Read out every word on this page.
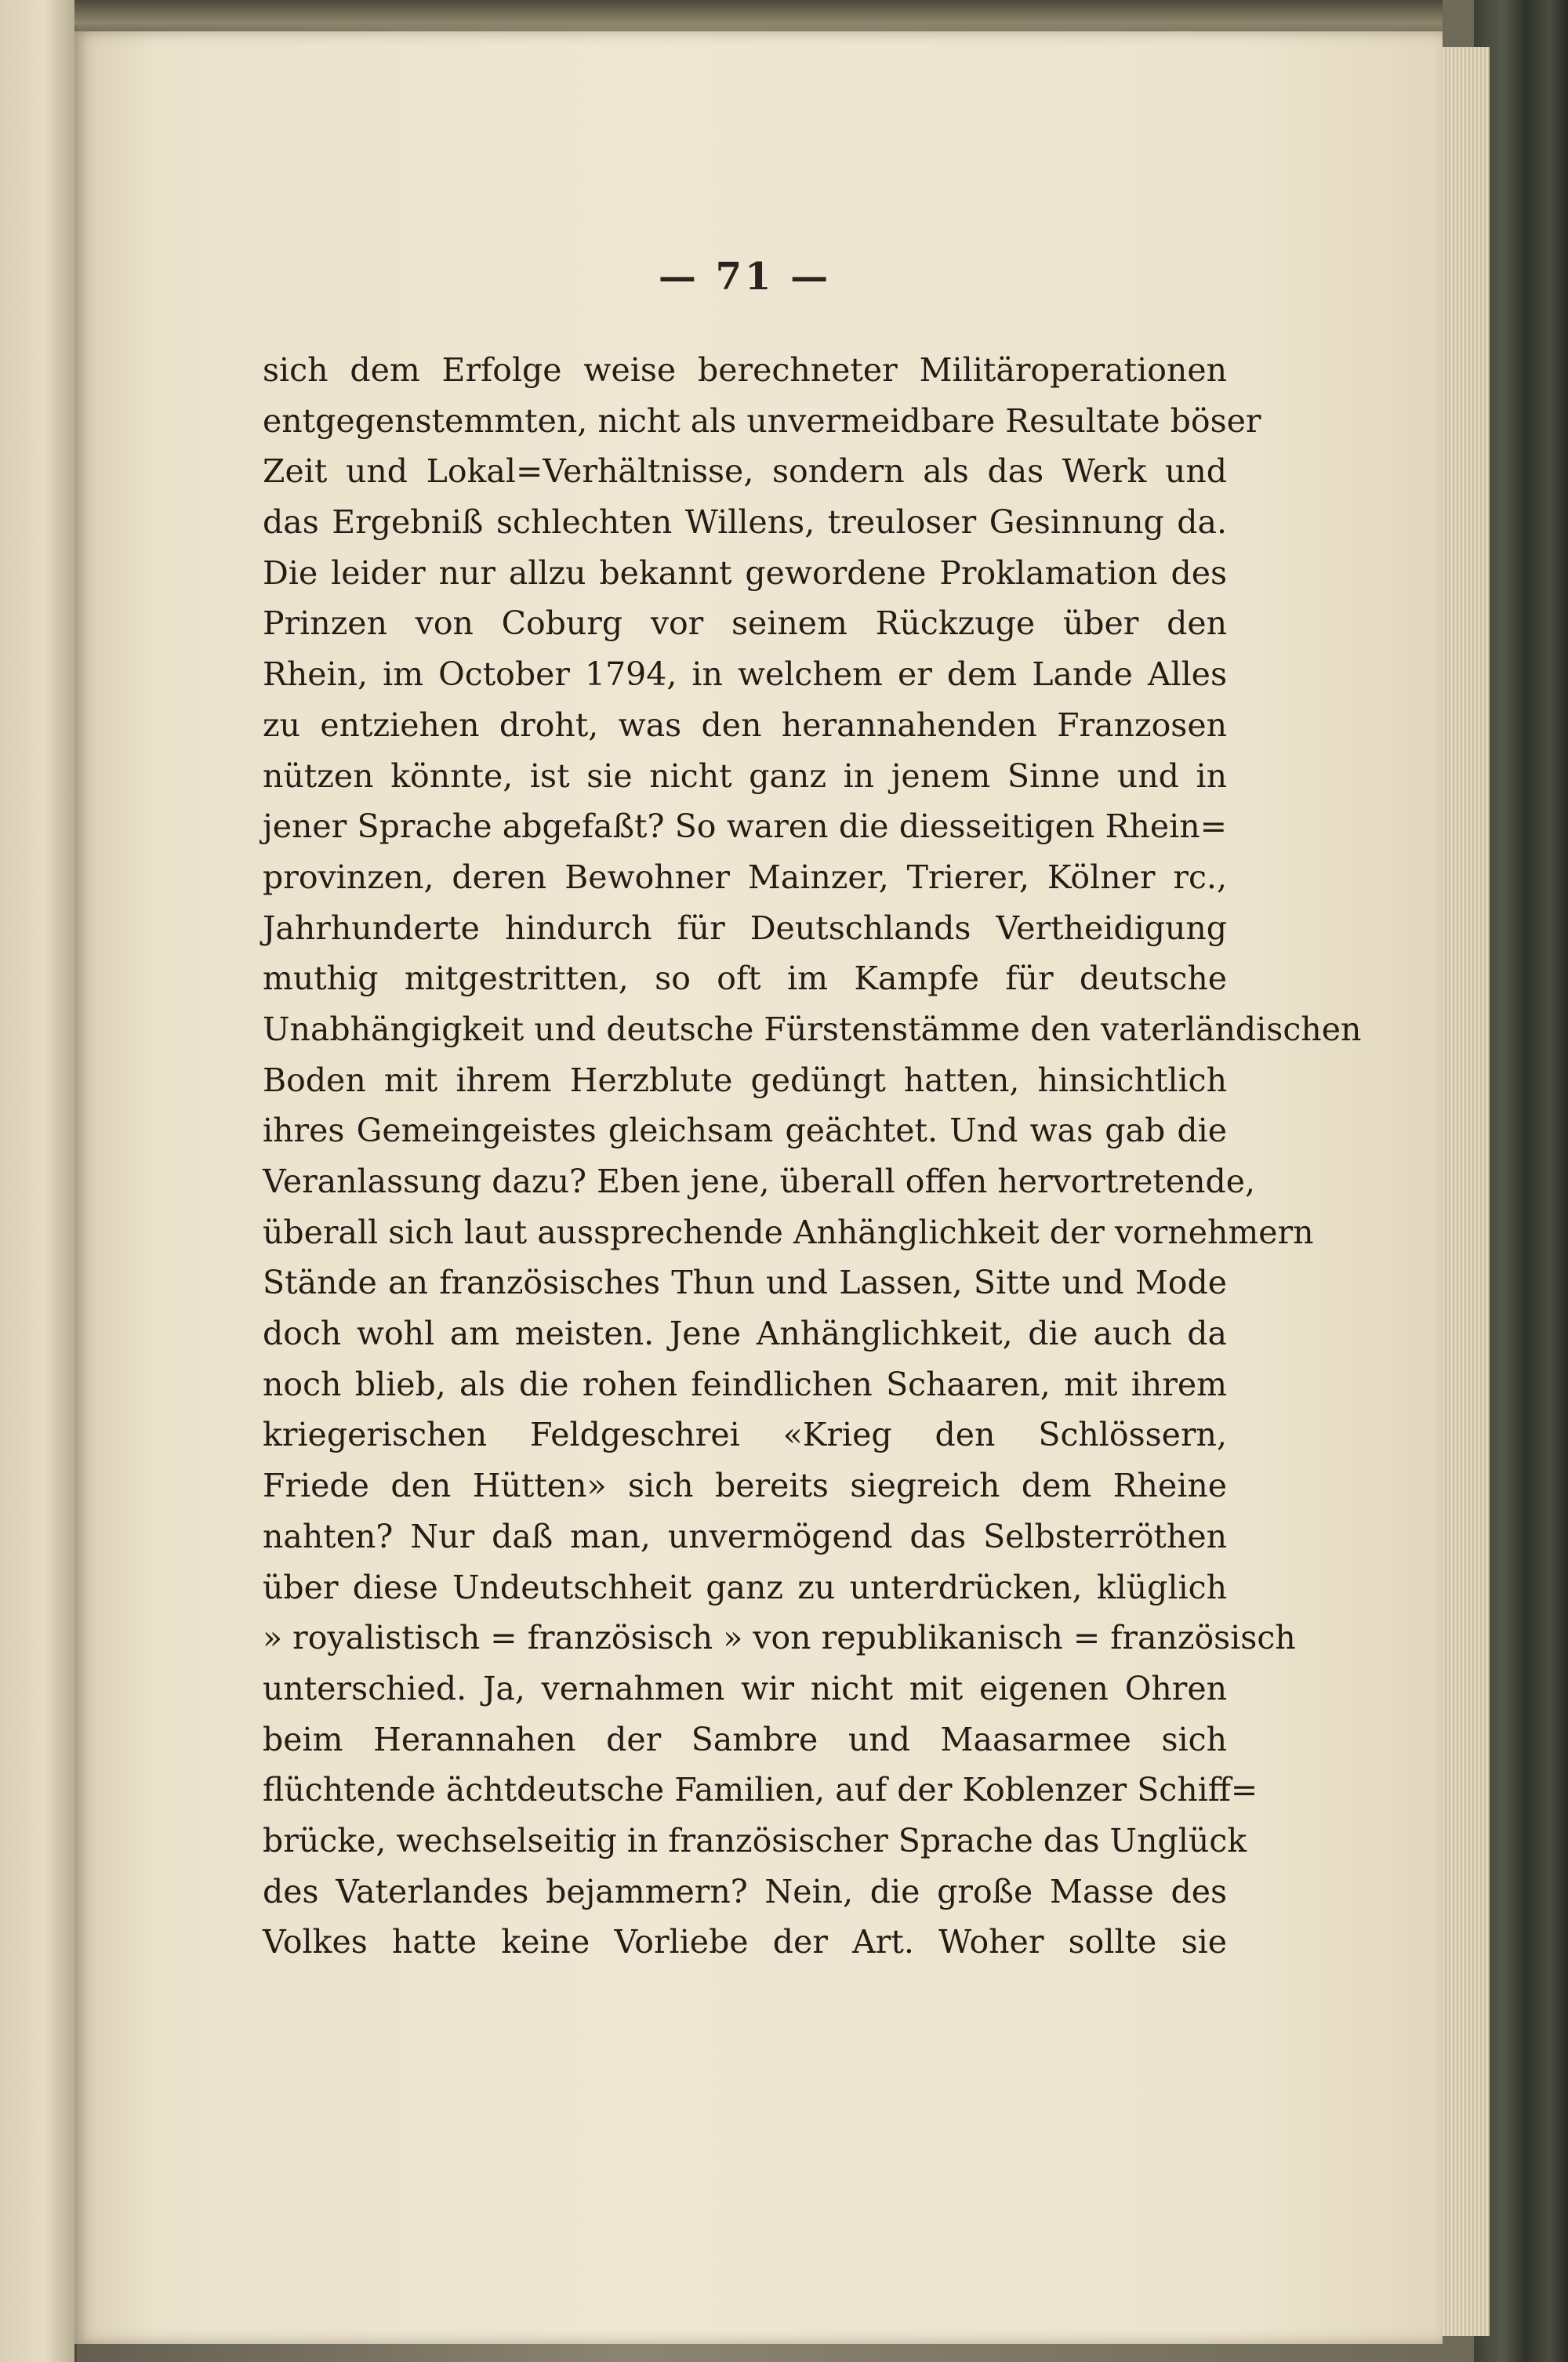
— 71 —
sich dem Erfolge weise berechneter Militäroperationen
entgegenstemmten, nicht als unvermeidbare Resultate böser
Zeit und Lokal=Verhältnisse, sondern als das Werk und
das Ergebniß schlechten Willens, treuloser Gesinnung da.
Die leider nur allzu bekannt gewordene Proklamation des
Prinzen von Coburg vor seinem Rückzuge über den
Rhein, im October 1794, in welchem er dem Lande Alles
zu entziehen droht, was den herannahenden Franzosen
nützen könnte, ist sie nicht ganz in jenem Sinne und in
jener Sprache abgefaßt? So waren die diesseitigen Rhein=
provinzen, deren Bewohner Mainzer, Trierer, Kölner rc.,
Jahrhunderte hindurch für Deutschlands Vertheidigung
muthig mitgestritten, so oft im Kampfe für deutsche
Unabhängigkeit und deutsche Fürstenstämme den vaterländischen
Boden mit ihrem Herzblute gedüngt hatten, hinsichtlich
ihres Gemeingeistes gleichsam geächtet. Und was gab die
Veranlassung dazu? Eben jene, überall offen hervortretende,
überall sich laut aussprechende Anhänglichkeit der vornehmern
Stände an französisches Thun und Lassen, Sitte und Mode
doch wohl am meisten. Jene Anhänglichkeit, die auch da
noch blieb, als die rohen feindlichen Schaaren, mit ihrem
kriegerischen Feldgeschrei «Krieg den Schlössern,
Friede den Hütten» sich bereits siegreich dem Rheine
nahten? Nur daß man, unvermögend das Selbsterröthen
über diese Undeutschheit ganz zu unterdrücken, klüglich
» royalistisch = französisch » von republikanisch = französisch
unterschied. Ja, vernahmen wir nicht mit eigenen Ohren
beim Herannahen der Sambre und Maasarmee sich
flüchtende ächtdeutsche Familien, auf der Koblenzer Schiff=
brücke, wechselseitig in französischer Sprache das Unglück
des Vaterlandes bejammern? Nein, die große Masse des
Volkes hatte keine Vorliebe der Art. Woher sollte sie
